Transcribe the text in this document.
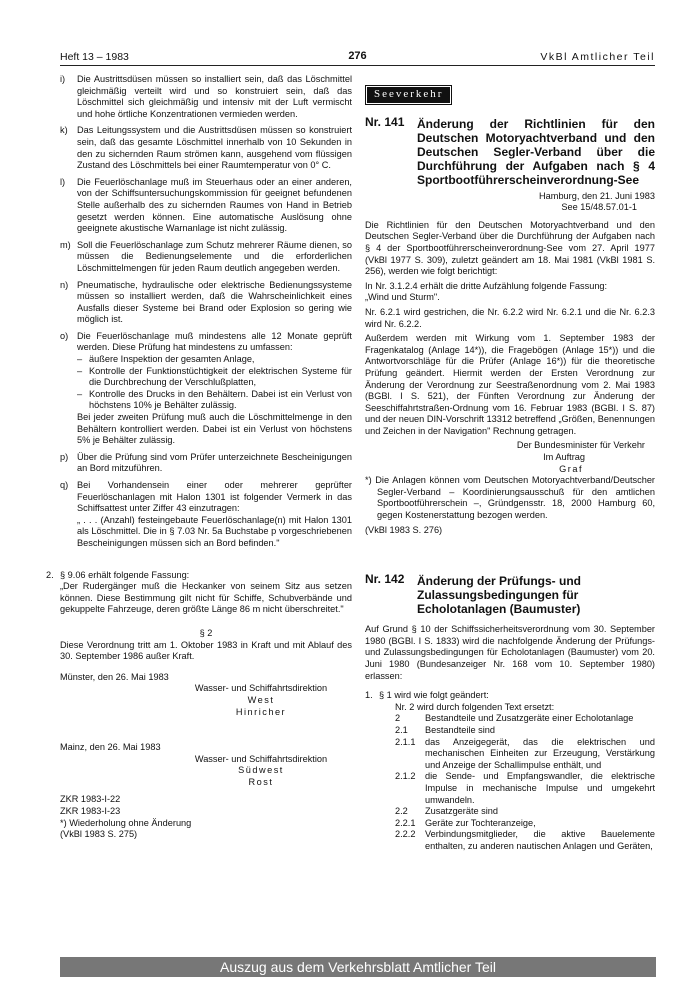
Heft 13 – 1983	276	VkBl Amtlicher Teil
i) Die Austrittsdüsen müssen so installiert sein, daß das Löschmittel gleichmäßig verteilt wird und so konstruiert sein, daß das Löschmittel sich gleichmäßig und intensiv mit der Luft vermischt und hohe örtliche Konzentrationen vermieden werden.
k) Das Leitungssystem und die Austrittsdüsen müssen so konstruiert sein, daß das gesamte Löschmittel innerhalb von 10 Sekunden in den zu sichernden Raum strömen kann, ausgehend vom flüssigen Zustand des Löschmittels bei einer Raumtemperatur von 0° C.
l) Die Feuerlöschanlage muß im Steuerhaus oder an einer anderen, von der Schiffsuntersuchungskommission für geeignet befundenen Stelle außerhalb des zu sichernden Raumes von Hand in Betrieb gesetzt werden können. Eine automatische Auslösung ohne geeignete akustische Warnanlage ist nicht zulässig.
m) Soll die Feuerlöschanlage zum Schutz mehrerer Räume dienen, so müssen die Bedienungselemente und die erforderlichen Löschmittelmengen für jeden Raum deutlich angegeben werden.
n) Pneumatische, hydraulische oder elektrische Bedienungssysteme müssen so installiert werden, daß die Wahrscheinlichkeit eines Ausfalls dieser Systeme bei Brand oder Explosion so gering wie möglich ist.
o) Die Feuerlöschanlage muß mindestens alle 12 Monate geprüft werden. Diese Prüfung hat mindestens zu umfassen:
– äußere Inspektion der gesamten Anlage,
– Kontrolle der Funktionstüchtigkeit der elektrischen Systeme für die Durchbrechung der Verschlußplatten,
– Kontrolle des Drucks in den Behältern. Dabei ist ein Verlust von höchstens 10% je Behälter zulässig.
Bei jeder zweiten Prüfung muß auch die Löschmittelmenge in den Behältern kontrolliert werden. Dabei ist ein Verlust von höchstens 5% je Behälter zulässig.
p) Über die Prüfung sind vom Prüfer unterzeichnete Bescheinigungen an Bord mitzuführen.
q) Bei Vorhandensein einer oder mehrerer geprüfter Feuerlöschanlagen mit Halon 1301 ist folgender Vermerk in das Schiffsattest unter Ziffer 43 einzutragen:
„ . . . (Anzahl) festeingebaute Feuerlöschanlage(n) mit Halon 1301 als Löschmittel. Die in § 7.03 Nr. 5a Buchstabe p vorgeschriebenen Bescheinigungen müssen sich an Bord befinden."
2. § 9.06 erhält folgende Fassung:
„Der Rudergänger muß die Heckanker von seinem Sitz aus setzen können. Diese Bestimmung gilt nicht für Schiffe, Schubverbände und gekuppelte Fahrzeuge, deren größte Länge 86 m nicht überschreitet."
§ 2
Diese Verordnung tritt am 1. Oktober 1983 in Kraft und mit Ablauf des 30. September 1986 außer Kraft.
Münster, den 26. Mai 1983
Wasser- und Schiffahrtsdirektion
West
Hinricher
Mainz, den 26. Mai 1983
Wasser- und Schiffahrtsdirektion
Südwest
Rost
ZKR 1983-I-22
ZKR 1983-I-23
*) Wiederholung ohne Änderung
(VkBl 1983 S. 275)
Seeverkehr
Nr. 141	Änderung der Richtlinien für den Deutschen Motoryachtverband und den Deutschen Segler-Verband über die Durchführung der Aufgaben nach § 4 Sportbootführerscheinverordnung-See
Hamburg, den 21. Juni 1983
See 15/48.57.01-1
Die Richtlinien für den Deutschen Motoryachtverband und den Deutschen Segler-Verband über die Durchführung der Aufgaben nach § 4 der Sportbootführerscheinverordnung-See vom 27. April 1977 (VkBl 1977 S. 309), zuletzt geändert am 18. Mai 1981 (VkBl 1981 S. 256), werden wie folgt berichtigt:
In Nr. 3.1.2.4 erhält die dritte Aufzählung folgende Fassung:
„Wind und Sturm".
Nr. 6.2.1 wird gestrichen, die Nr. 6.2.2 wird Nr. 6.2.1 und die Nr. 6.2.3 wird Nr. 6.2.2.
Außerdem werden mit Wirkung vom 1. September 1983 der Fragenkatalog (Anlage 14*)), die Fragebögen (Anlage 15*)) und die Antwortvorschläge für die Prüfer (Anlage 16*)) für die theoretische Prüfung geändert. Hiermit werden der Ersten Verordnung zur Änderung der Verordnung zur Seestraßenordnung vom 2. Mai 1983 (BGBl. I S. 521), der Fünften Verordnung zur Änderung der Seeschiffahrtstraßen-Ordnung vom 16. Februar 1983 (BGBl. I S. 87) und der neuen DIN-Vorschrift 13312 betreffend „Größen, Benennungen und Zeichen in der Navigation" Rechnung getragen.
Der Bundesminister für Verkehr
Im Auftrag
Graf
*) Die Anlagen können vom Deutschen Motoryachtverband/Deutscher Segler-Verband – Koordinierungsausschuß für den amtlichen Sportbootführerschein –, Gründgensstr. 18, 2000 Hamburg 60, gegen Kostenerstattung bezogen werden.
(VkBl 1983 S. 276)
Nr. 142	Änderung der Prüfungs- und Zulassungsbedingungen für Echolotanlagen (Baumuster)
Auf Grund § 10 der Schiffssicherheitsverordnung vom 30. September 1980 (BGBl. I S. 1833) wird die nachfolgende Änderung der Prüfungs- und Zulassungsbedingungen für Echolotanlagen (Baumuster) vom 20. Juni 1980 (Bundesanzeiger Nr. 168 vom 10. September 1980) erlassen:
1. § 1 wird wie folgt geändert:
Nr. 2 wird durch folgenden Text ersetzt:
2	Bestandteile und Zusatzgeräte einer Echolotanlage
2.1	Bestandteile sind
2.1.1	das Anzeigegerät, das die elektrischen und mechanischen Einheiten zur Erzeugung, Verstärkung und Anzeige der Schallimpulse enthält, und
2.1.2	die Sende- und Empfangswandler, die elektrische Impulse in mechanische Impulse und umgekehrt umwandeln.
2.2	Zusatzgeräte sind
2.2.1	Geräte zur Tochteranzeige,
2.2.2	Verbindungsmitglieder, die aktive Bauelemente enthalten, zu anderen nautischen Anlagen und Geräten,
Auszug aus dem Verkehrsblatt Amtlicher Teil
